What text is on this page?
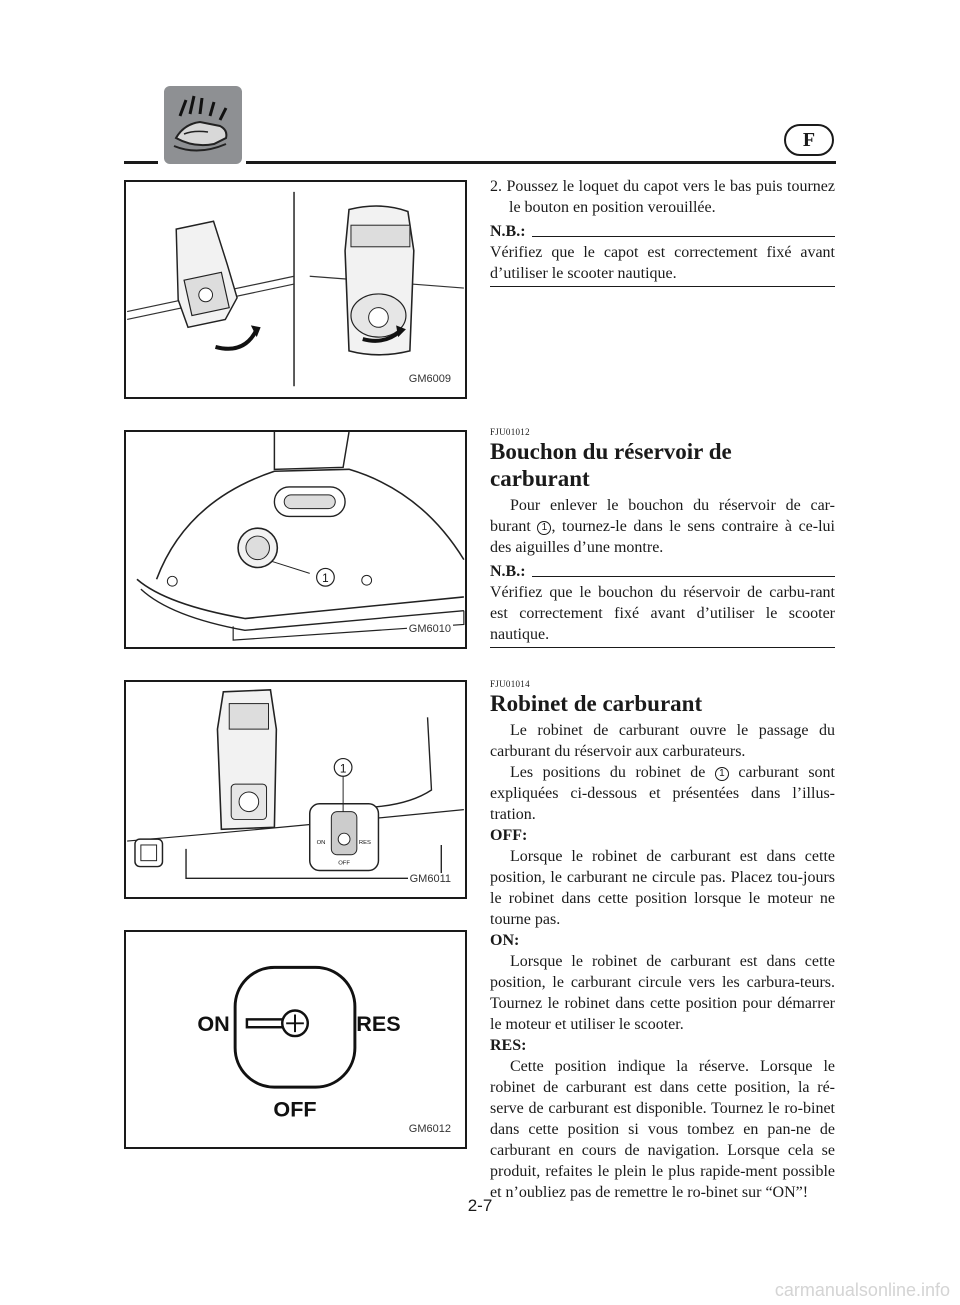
F
GM6009
1
GM6010
ON	RES
OFF
1
GM6011
ON	RES
OFF
GM6012

2. Poussez le loquet du capot vers le bas puis tournez le bouton en position verouillée.

N.B.:

Vérifiez que le capot est correctement fixé avant d’utiliser le scooter nautique.

FJU01012

Bouchon du réservoir de carburant

Pour enlever le bouchon du réservoir de car-burant 1 , tournez-le dans le sens contraire à ce-lui des aiguilles d’une montre.

N.B.:

Vérifiez que le bouchon du réservoir de carbu-rant est correctement fixé avant d’utiliser le scooter nautique.

FJU01014

Robinet de carburant

Le robinet de carburant ouvre le passage du carburant du réservoir aux carburateurs.

Les positions du robinet de 1 carburant sont expliquées ci-dessous et présentées dans l’illus-tration.

OFF:

Lorsque le robinet de carburant est dans cette position, le carburant ne circule pas. Placez tou-jours le robinet dans cette position lorsque le moteur ne tourne pas.

ON:

Lorsque le robinet de carburant est dans cette position, le carburant circule vers les carbura-teurs. Tournez le robinet dans cette position pour démarrer le moteur et utiliser le scooter.

RES:

Cette position indique la réserve. Lorsque le robinet de carburant est dans cette position, la ré-serve de carburant est disponible. Tournez le ro-binet dans cette position si vous tombez en pan-ne de carburant en cours de navigation. Lorsque cela se produit, refaites le plein le plus rapide-ment possible et n’oubliez pas de remettre le ro-binet sur “ON”!

2-7
carmanualsonline.info
